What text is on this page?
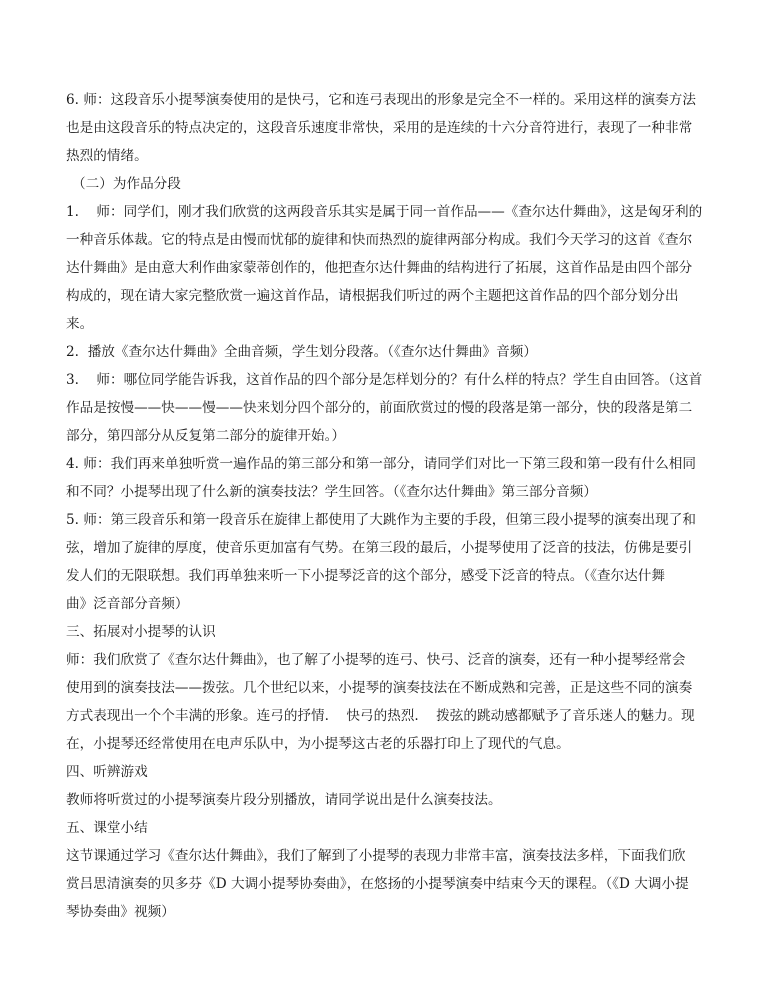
6. 师：这段音乐小提琴演奏使用的是快弓，它和连弓表现出的形象是完全不一样的。采用这样的演奏方法
也是由这段音乐的特点决定的，这段音乐速度非常快，采用的是连续的十六分音符进行，表现了一种非常
热烈的情绪。
（二）为作品分段
1.    师：同学们，刚才我们欣赏的这两段音乐其实是属于同一首作品——《查尔达什舞曲》，这是匈牙利的
一种音乐体裁。它的特点是由慢而忧郁的旋律和快而热烈的旋律两部分构成。我们今天学习的这首《查尔
达什舞曲》是由意大利作曲家蒙蒂创作的，他把查尔达什舞曲的结构进行了拓展，这首作品是由四个部分
构成的，现在请大家完整欣赏一遍这首作品，请根据我们听过的两个主题把这首作品的四个部分划分出
来。
2.  播放《查尔达什舞曲》全曲音频，学生划分段落。（《查尔达什舞曲》音频）
3.    师：哪位同学能告诉我，这首作品的四个部分是怎样划分的？有什么样的特点？学生自由回答。（这首
作品是按慢——快——慢——快来划分四个部分的，前面欣赏过的慢的段落是第一部分，快的段落是第二
部分，第四部分从反复第二部分的旋律开始。）
4. 师：我们再来单独听赏一遍作品的第三部分和第一部分，请同学们对比一下第三段和第一段有什么相同
和不同？小提琴出现了什么新的演奏技法？学生回答。（《查尔达什舞曲》第三部分音频）
5. 师：第三段音乐和第一段音乐在旋律上都使用了大跳作为主要的手段，但第三段小提琴的演奏出现了和
弦，增加了旋律的厚度，使音乐更加富有气势。在第三段的最后，小提琴使用了泛音的技法，仿佛是要引
发人们的无限联想。我们再单独来听一下小提琴泛音的这个部分，感受下泛音的特点。（《查尔达什舞
曲》泛音部分音频）
三、拓展对小提琴的认识
师：我们欣赏了《查尔达什舞曲》，也了解了小提琴的连弓、快弓、泛音的演奏，还有一种小提琴经常会
使用到的演奏技法——拨弦。几个世纪以来，小提琴的演奏技法在不断成熟和完善，正是这些不同的演奏
方式表现出一个个丰满的形象。连弓的抒情.    快弓的热烈.    拨弦的跳动感都赋予了音乐迷人的魅力。现
在，小提琴还经常使用在电声乐队中，为小提琴这古老的乐器打印上了现代的气息。
四、听辨游戏
教师将听赏过的小提琴演奏片段分别播放，请同学说出是什么演奏技法。
五、课堂小结
这节课通过学习《查尔达什舞曲》，我们了解到了小提琴的表现力非常丰富，演奏技法多样，下面我们欣
赏吕思清演奏的贝多芬《D 大调小提琴协奏曲》，在悠扬的小提琴演奏中结束今天的课程。（《D 大调小提
琴协奏曲》视频）
